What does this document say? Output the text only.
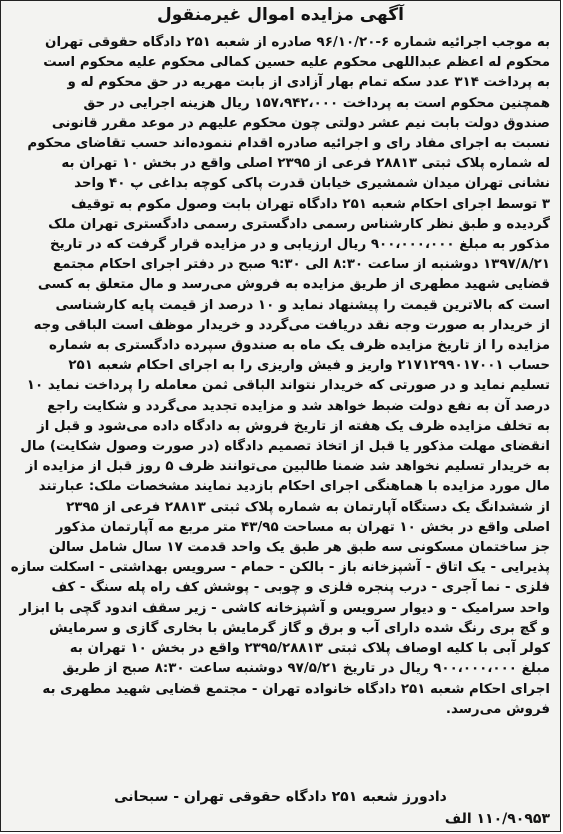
آگهی مزایده اموال غیرمنقول
به موجب اجرائیه شماره ۶-۹۶/۱۰/۲۰ صادره از شعبه ۲۵۱ دادگاه حقوقی تهران
محکوم له اعظم عبداللهی محکوم علیه حسین کمالی محکوم علیه محکوم است
به پرداخت ۳۱۴ عدد سکه تمام بهار آزادی از بابت مهریه در حق محکوم له و
همچنین محکوم است به پرداخت ۱۵۷،۹۴۲،۰۰۰ ریال هزینه اجرایی در حق
صندوق دولت بابت نیم عشر دولتی چون محکوم علیهم در موعد مقرر قانونی
نسبت به اجرای مفاد رای و اجرائیه صادره اقدام ننموده‌اند حسب تقاضای محکوم
له شماره پلاک ثبتی ۲۸۸۱۳ فرعی از ۲۳۹۵ اصلی واقع در بخش ۱۰ تهران به
نشانی تهران میدان شمشیری خیابان قدرت پاکی کوچه بداغی پ ۴۰ واحد
۳ توسط اجرای احکام شعبه ۲۵۱ دادگاه تهران بابت وصول مکوم به توقیف
گردیده و طبق نظر کارشناس رسمی دادگستری رسمی دادگستری تهران ملک
مذکور به مبلغ ۹۰۰،۰۰۰،۰۰۰ ریال ارزیابی و در مزایده قرار گرفت که در تاریخ
۱۳۹۷/۸/۲۱ دوشنبه از ساعت ۸:۳۰ الی ۹:۳۰ صبح در دفتر اجرای احکام مجتمع
قضایی شهید مطهری از طریق مزایده به فروش می‌رسد و مال متعلق به کسی
است که بالاترین قیمت را پیشنهاد نماید و ۱۰ درصد از قیمت پایه کارشناسی
از خریدار به صورت وجه نقد دریافت می‌گردد و خریدار موظف است الباقی وجه
مزایده را از تاریخ مزایده ظرف یک ماه به صندوق سپرده دادگستری به شماره
حساب ۲۱۷۱۲۹۹۰۱۷۰۰۱ واریز و فیش واریزی را به اجرای احکام شعبه ۲۵۱
تسلیم نماید و در صورتی که خریدار نتواند الباقی ثمن معامله را پرداخت نماید ۱۰
درصد آن به نفع دولت ضبط خواهد شد و مزایده تجدید می‌گردد و شکایت راجع
به تخلف مزایده ظرف یک هفته از تاریخ فروش به دادگاه داده می‌شود و قبل از
انقضای مهلت مذکور یا قبل از اتخاذ تصمیم دادگاه (در صورت وصول شکایت) مال
به خریدار تسلیم نخواهد شد ضمنا طالبین می‌توانند ظرف ۵ روز قبل از مزایده از
مال مورد مزایده با هماهنگی اجرای احکام بازدید نمایند مشخصات ملک: عبارتند
از ششدانگ یک دستگاه آپارتمان به شماره پلاک ثبتی ۲۸۸۱۳ فرعی از ۲۳۹۵
اصلی واقع در بخش ۱۰ تهران به مساحت ۴۳/۹۵ متر مربع مه آپارتمان مذکور
جز ساختمان مسکونی سه طبق هر طبق یک واحد قدمت ۱۷ سال شامل سالن
پذیرایی - یک اتاق - آشپزخانه باز - بالکن - حمام - سرویس بهداشتی - اسکلت سازه
فلزی - نما آجری - درب پنجره فلزی و چوبی - پوشش کف راه پله سنگ - کف
واحد سرامیک - و دیوار سرویس و آشپزخانه کاشی - زیر سقف اندود گچی با ابزار
و گچ بری رنگ شده دارای آب و برق و گاز گرمایش با بخاری گازی و سرمایش
کولر آبی با کلیه اوصاف پلاک ثبتی ۲۳۹۵/۲۸۸۱۳ واقع در بخش ۱۰ تهران به
مبلغ ۹۰۰،۰۰۰،۰۰۰ ریال در تاریخ ۹۷/۵/۲۱ دوشنبه ساعت ۸:۳۰ صبح از طریق
اجرای احکام شعبه ۲۵۱ دادگاه خانواده تهران - مجتمع قضایی شهید مطهری به
فروش می‌رسد.
دادورز شعبه ۲۵۱ دادگاه حقوقی تهران - سبحانی
۱۱۰/۹۰۹۵۳ الف
